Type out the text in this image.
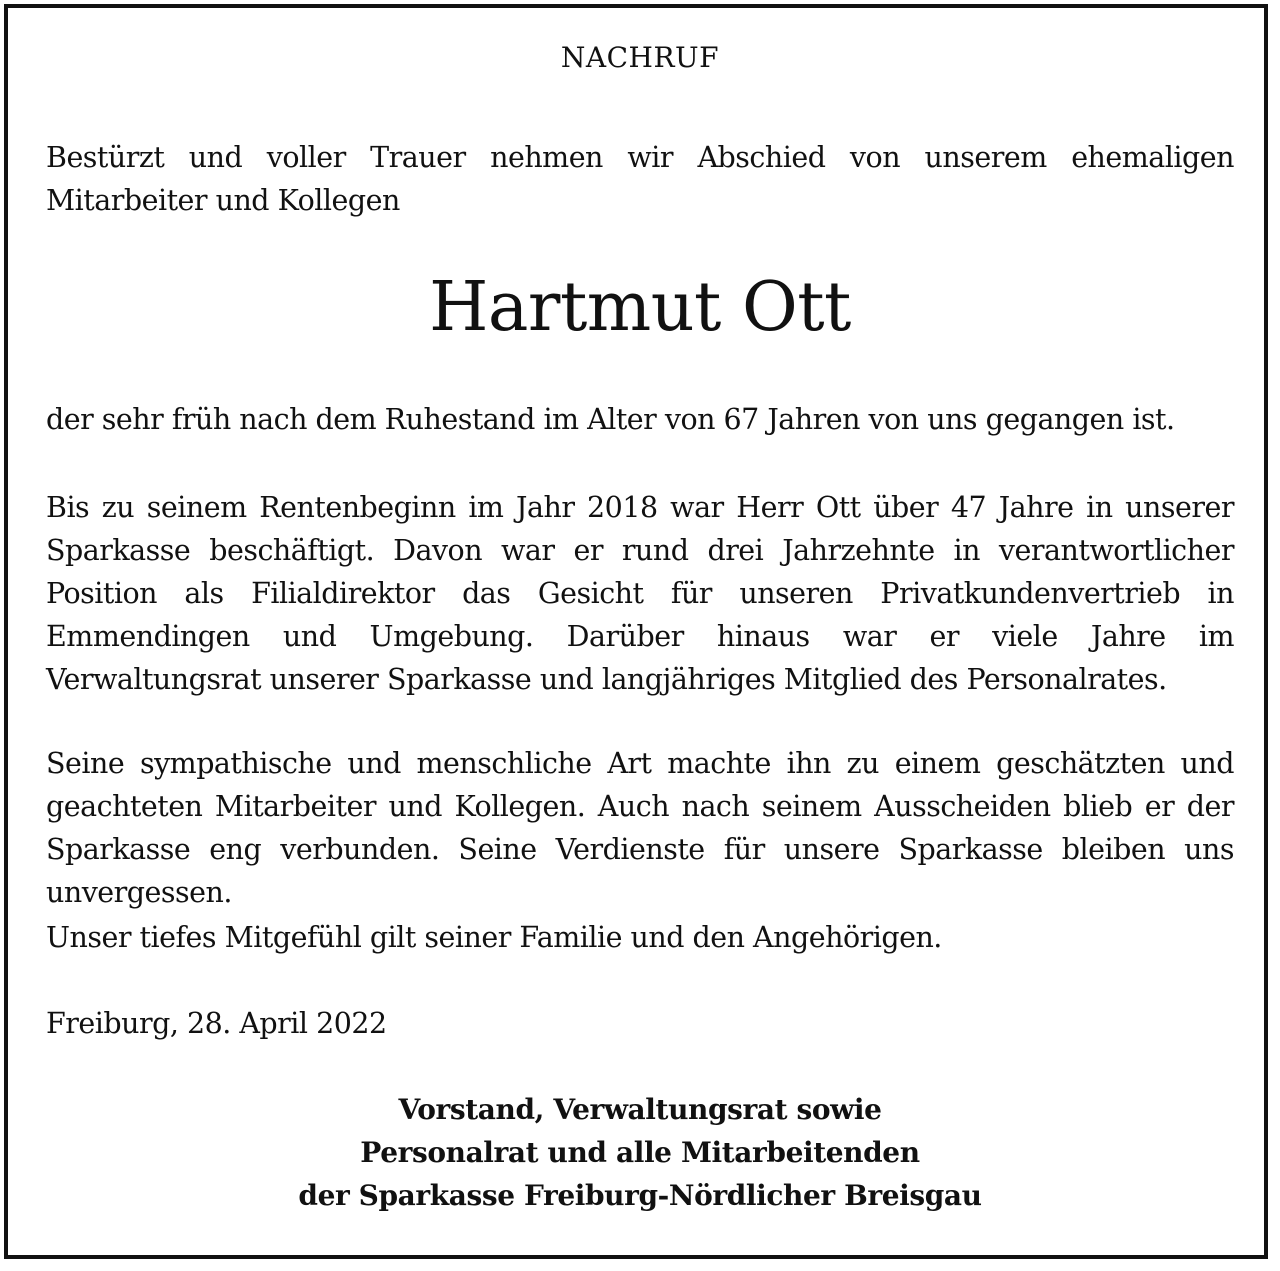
NACHRUF

Bestürzt und voller Trauer nehmen wir Abschied von unserem ehemaligen Mitarbeiter und Kollegen

Hartmut Ott

der sehr früh nach dem Ruhestand im Alter von 67 Jahren von uns gegangen ist.

Bis zu seinem Rentenbeginn im Jahr 2018 war Herr Ott über 47 Jahre in unserer Sparkasse beschäftigt. Davon war er rund drei Jahrzehnte in verantwortlicher Position als Filialdirektor das Gesicht für unseren Privatkundenvertrieb in Emmendingen und Umgebung. Darüber hinaus war er viele Jahre im Verwaltungsrat unserer Sparkasse und langjähriges Mitglied des Personalrates.

Seine sympathische und menschliche Art machte ihn zu einem geschätzten und geachteten Mitarbeiter und Kollegen. Auch nach seinem Ausscheiden blieb er der Sparkasse eng verbunden. Seine Verdienste für unsere Sparkasse bleiben uns unvergessen.

Unser tiefes Mitgefühl gilt seiner Familie und den Angehörigen.

Freiburg, 28. April 2022

Vorstand, Verwaltungsrat sowie
Personalrat und alle Mitarbeitenden
der Sparkasse Freiburg-Nördlicher Breisgau
